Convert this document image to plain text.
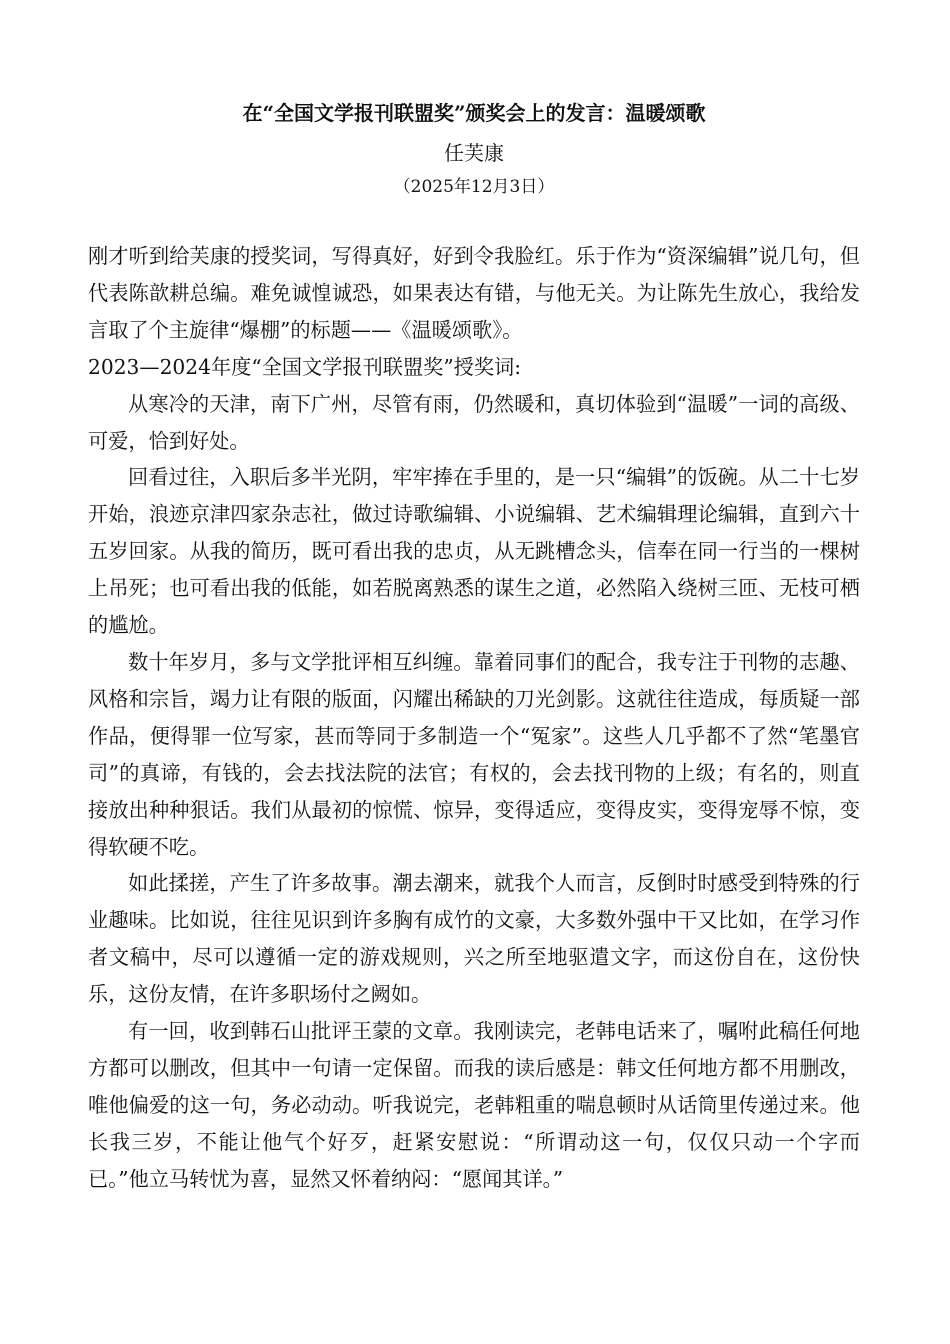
在“全国文学报刊联盟奖”颁奖会上的发言：温暖颂歌
任芙康
（2025年12月3日）

刚才听到给芙康的授奖词，写得真好，好到令我脸红。乐于作为“资深编辑”说几句，但代表陈歆耕总编。难免诚惶诚恐，如果表达有错，与他无关。为让陈先生放心，我给发言取了个主旋律“爆棚”的标题——《温暖颂歌》。

2023—2024年度“全国文学报刊联盟奖”授奖词:

从寒冷的天津，南下广州，尽管有雨，仍然暖和，真切体验到“温暖”一词的高级、可爱，恰到好处。

回看过往，入职后多半光阴，牢牢捧在手里的，是一只“编辑”的饭碗。从二十七岁开始，浪迹京津四家杂志社，做过诗歌编辑、小说编辑、艺术编辑理论编辑，直到六十五岁回家。从我的简历，既可看出我的忠贞，从无跳槽念头，信奉在同一行当的一棵树上吊死；也可看出我的低能，如若脱离熟悉的谋生之道，必然陷入绕树三匝、无枝可栖的尴尬。

数十年岁月，多与文学批评相互纠缠。靠着同事们的配合，我专注于刊物的志趣、风格和宗旨，竭力让有限的版面，闪耀出稀缺的刀光剑影。这就往往造成，每质疑一部作品，便得罪一位写家，甚而等同于多制造一个“冤家”。这些人几乎都不了然“笔墨官司”的真谛，有钱的，会去找法院的法官；有权的，会去找刊物的上级；有名的，则直接放出种种狠话。我们从最初的惊慌、惊异，变得适应，变得皮实，变得宠辱不惊，变得软硬不吃。

如此揉搓，产生了许多故事。潮去潮来，就我个人而言，反倒时时感受到特殊的行业趣味。比如说，往往见识到许多胸有成竹的文豪，大多数外强中干又比如，在学习作者文稿中，尽可以遵循一定的游戏规则，兴之所至地驱遣文字，而这份自在，这份快乐，这份友情，在许多职场付之阙如。

有一回，收到韩石山批评王蒙的文章。我刚读完，老韩电话来了，嘱咐此稿任何地方都可以删改，但其中一句请一定保留。而我的读后感是：韩文任何地方都不用删改，唯他偏爱的这一句，务必动动。听我说完，老韩粗重的喘息顿时从话筒里传递过来。他长我三岁，不能让他气个好歹，赶紧安慰说：“所谓动这一句，仅仅只动一个字而已。”他立马转忧为喜，显然又怀着纳闷：“愿闻其详。”
